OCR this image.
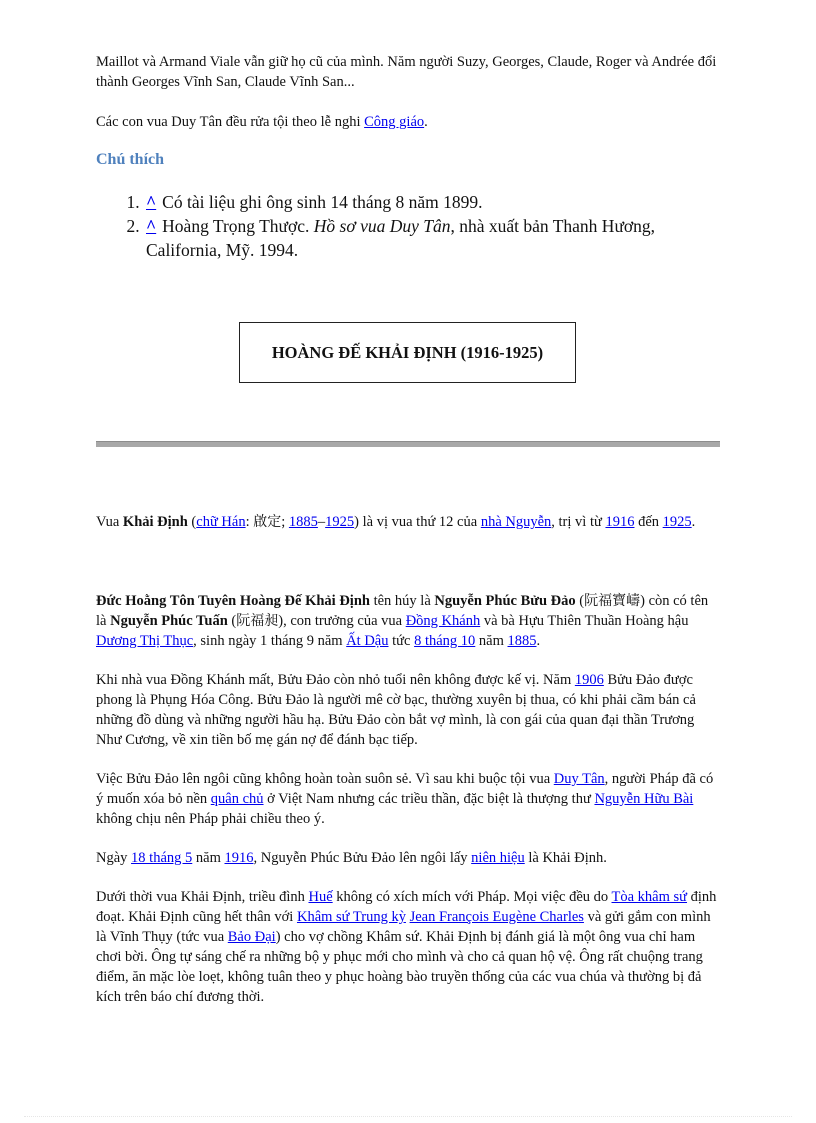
Maillot và Armand Viale vẫn giữ họ cũ của mình. Năm người Suzy, Georges, Claude, Roger và Andrée đổi thành Georges Vĩnh San, Claude Vĩnh San...

Các con vua Duy Tân đều rửa tội theo lễ nghi Công giáo.

Chú thích
1. ^ Có tài liệu ghi ông sinh 14 tháng 8 năm 1899.
2. ^ Hoàng Trọng Thược. Hồ sơ vua Duy Tân, nhà xuất bản Thanh Hương, California, Mỹ. 1994.
HOÀNG ĐẾ KHẢI ĐỊNH (1916-1925)

Vua Khải Định (chữ Hán: 啟定; 1885–1925) là vị vua thứ 12 của nhà Nguyễn, trị vì từ 1916 đến 1925.

Đức Hoằng Tôn Tuyên Hoàng Đế Khải Định tên húy là Nguyễn Phúc Bửu Đảo (阮福寶嶹) còn có tên là Nguyễn Phúc Tuấn (阮福昶), con trưởng của vua Đồng Khánh và bà Hựu Thiên Thuần Hoàng hậu Dương Thị Thục, sinh ngày 1 tháng 9 năm Ất Dậu tức 8 tháng 10 năm 1885.

Khi nhà vua Đồng Khánh mất, Bửu Đảo còn nhỏ tuổi nên không được kế vị. Năm 1906 Bửu Đảo được phong là Phụng Hóa Công. Bửu Đảo là người mê cờ bạc, thường xuyên bị thua, có khi phải cầm bán cả những đồ dùng và những người hầu hạ. Bửu Đảo còn bắt vợ mình, là con gái của quan đại thần Trương Như Cương, về xin tiền bố mẹ gán nợ để đánh bạc tiếp.

Việc Bửu Đảo lên ngôi cũng không hoàn toàn suôn sẻ. Vì sau khi buộc tội vua Duy Tân, người Pháp đã có ý muốn xóa bỏ nền quân chủ ở Việt Nam nhưng các triều thần, đặc biệt là thượng thư Nguyễn Hữu Bài không chịu nên Pháp phải chiều theo ý.

Ngày 18 tháng 5 năm 1916, Nguyễn Phúc Bửu Đảo lên ngôi lấy niên hiệu là Khải Định.

Dưới thời vua Khải Định, triều đình Huế không có xích mích với Pháp. Mọi việc đều do Tòa khâm sứ định đoạt. Khải Định cũng hết thân với Khâm sứ Trung kỳ Jean François Eugène Charles và gửi gắm con mình là Vĩnh Thụy (tức vua Bảo Đại) cho vợ chồng Khâm sứ. Khải Định bị đánh giá là một ông vua chỉ ham chơi bời. Ông tự sáng chế ra những bộ y phục mới cho mình và cho cả quan hộ vệ. Ông rất chuộng trang điểm, ăn mặc lòe loẹt, không tuân theo y phục hoàng bào truyền thống của các vua chúa và thường bị đả kích trên báo chí đương thời.
